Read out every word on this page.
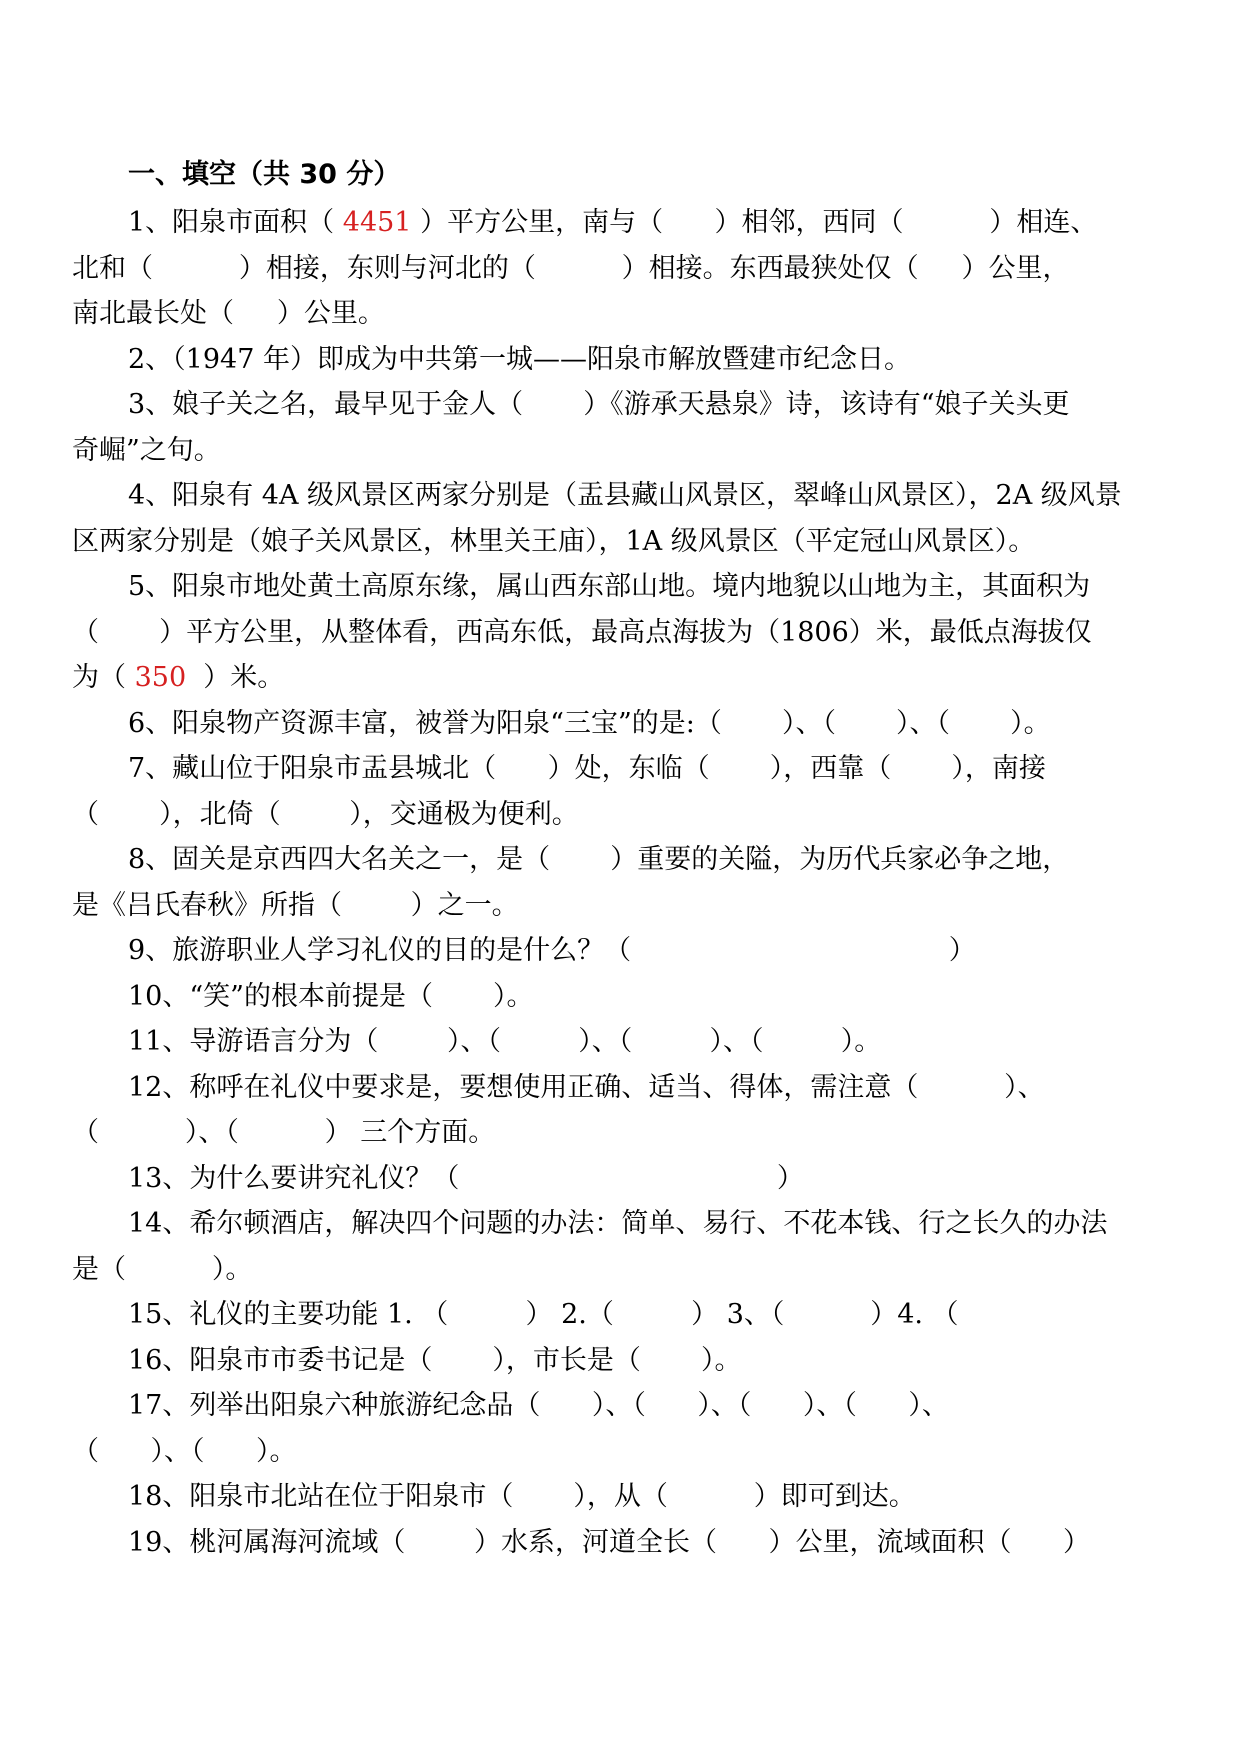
一、填空（共 30 分）
1、阳泉市面积（ 4451 ）平方公里，南与（      ）相邻，西同（          ）相连、
北和（          ）相接，东则与河北的（          ）相接。东西最狭处仅（     ）公里，
南北最长处（     ）公里。
2、（1947 年）即成为中共第一城——阳泉市解放暨建市纪念日。
3、娘子关之名，最早见于金人（       ）《游承天悬泉》诗，该诗有“娘子关头更
奇崛”之句。
4、阳泉有 4A 级风景区两家分别是（盂县藏山风景区，翠峰山风景区），2A 级风景
区两家分别是（娘子关风景区，林里关王庙），1A 级风景区（平定冠山风景区）。
5、阳泉市地处黄土高原东缘，属山西东部山地。境内地貌以山地为主，其面积为
（       ）平方公里，从整体看，西高东低，最高点海拔为（1806）米，最低点海拔仅
为（ 350  ）米。
6、阳泉物产资源丰富，被誉为阳泉“三宝”的是:（       ）、（       ）、（       ）。
7、藏山位于阳泉市盂县城北（      ）处，东临（       ），西靠（       ），南接
（       ），北倚（        ），交通极为便利。
8、固关是京西四大名关之一，是（       ）重要的关隘，为历代兵家必争之地，
是《吕氏春秋》所指（        ）之一。
9、旅游职业人学习礼仪的目的是什么？（                                     ）
10、“笑”的根本前提是（       ）。
11、导游语言分为（        ）、（         ）、（         ）、（         ）。
12、称呼在礼仪中要求是，要想使用正确、适当、得体，需注意（          ）、
（          ）、（          ） 三个方面。
13、为什么要讲究礼仪？（                                     ）
14、希尔顿酒店，解决四个问题的办法：简单、易行、不花本钱、行之长久的办法
是（          ）。
15、礼仪的主要功能 1. （         ） 2.（         ） 3、（          ）4. （
16、阳泉市市委书记是（       ），市长是（       ）。
17、列举出阳泉六种旅游纪念品（      ）、（      ）、（      ）、（      ）、
（      ）、（      ）。
18、阳泉市北站在位于阳泉市（       ），从（          ）即可到达。
19、桃河属海河流域（        ）水系，河道全长（      ）公里，流域面积（      ）
